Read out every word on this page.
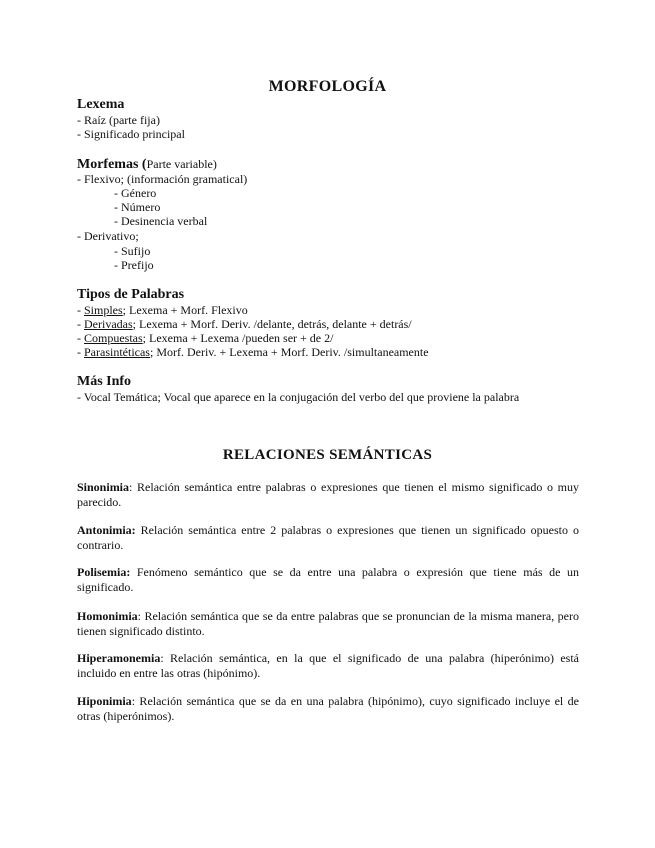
MORFOLOGÍA
Lexema
- Raíz (parte fija)
- Significado principal
Morfemas (Parte variable)
- Flexivo; (información gramatical)
- Género
- Número
- Desinencia verbal
- Derivativo;
- Sufijo
- Prefijo
Tipos de Palabras
- Simples; Lexema + Morf. Flexivo
- Derivadas; Lexema + Morf. Deriv. /delante, detrás, delante + detrás/
- Compuestas; Lexema + Lexema /pueden ser + de 2/
- Parasintéticas; Morf. Deriv. + Lexema + Morf. Deriv. /simultaneamente
Más Info
- Vocal Temática; Vocal que aparece en la conjugación del verbo del que proviene la palabra
RELACIONES SEMÁNTICAS
Sinonimia: Relación semántica entre palabras o expresiones que tienen el mismo significado o muy parecido.
Antonimia: Relación semántica entre 2 palabras o expresiones que tienen un significado opuesto o contrario.
Polisemia: Fenómeno semántico que se da entre una palabra o expresión que tiene más de un significado.
Homonimia: Relación semántica que se da entre palabras que se pronuncian de la misma manera, pero tienen significado distinto.
Hiperamonemia: Relación semántica, en la que el significado de una palabra (hiperónimo) está incluido en entre las otras (hipónimo).
Hiponimia: Relación semántica que se da en una palabra (hipónimo), cuyo significado incluye el de otras (hiperónimos).
